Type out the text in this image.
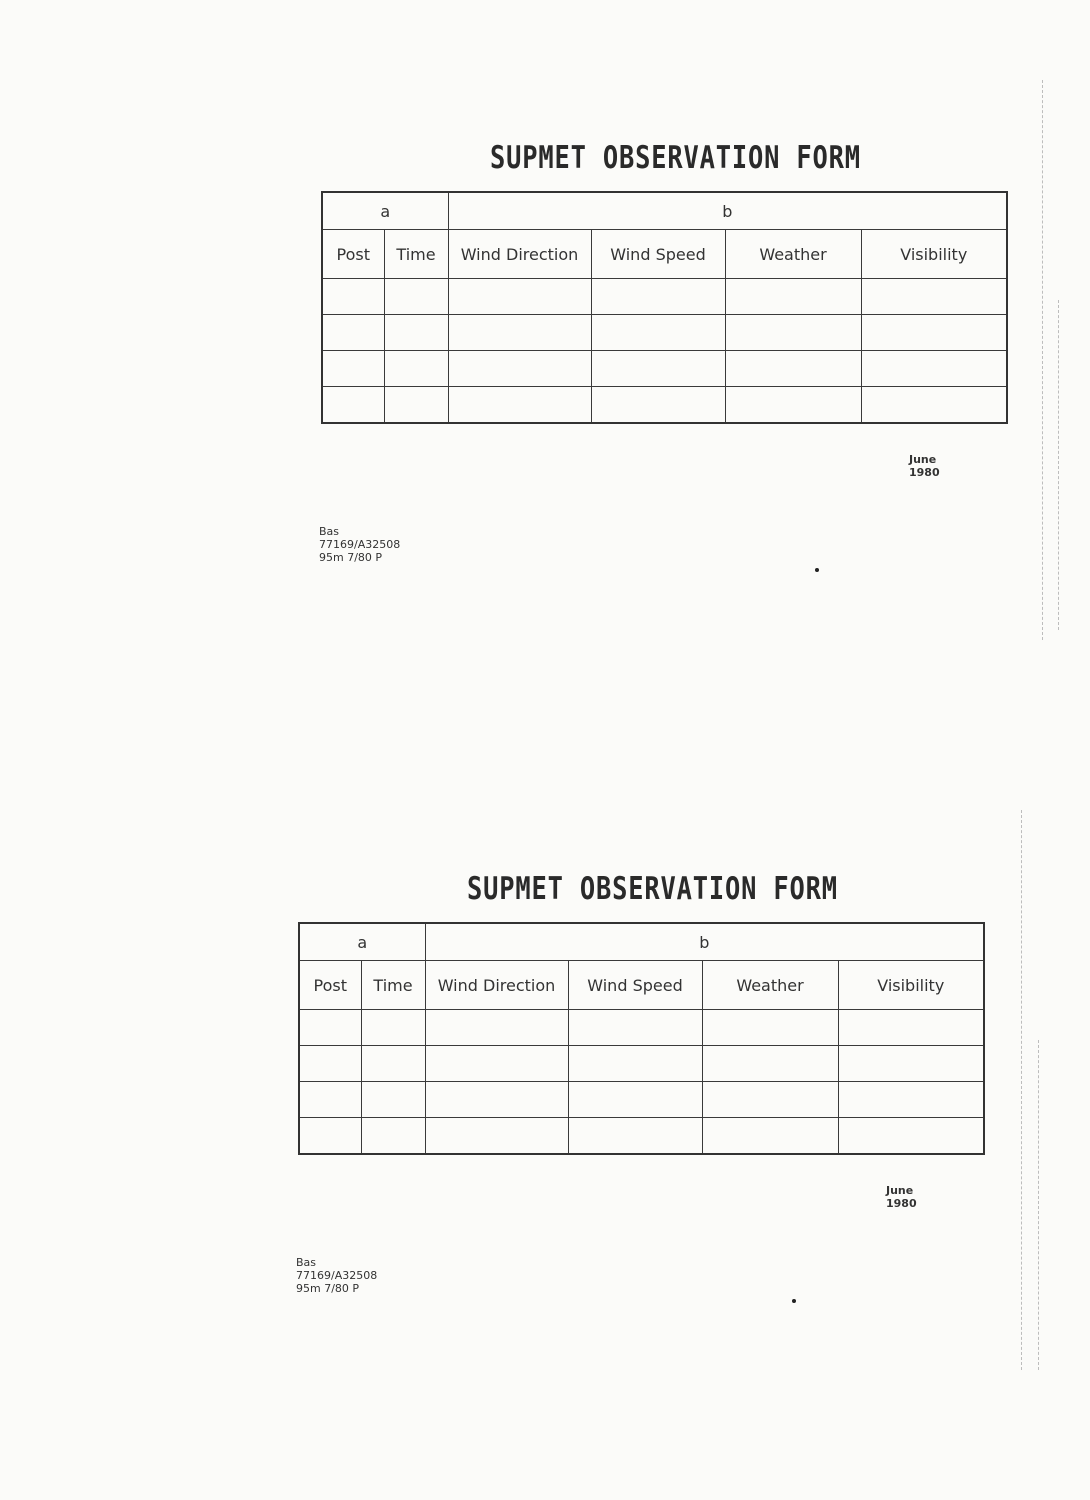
SUPMET OBSERVATION FORM
a		b			
Post	Time	Wind Direction	Wind Speed	Weather	Visibility

June 1980
Bas 77169/A32508 95m 7/80 P
SUPMET OBSERVATION FORM
a		b			
Post	Time	Wind Direction	Wind Speed	Weather	Visibility

June 1980
Bas 77169/A32508 95m 7/80 P
